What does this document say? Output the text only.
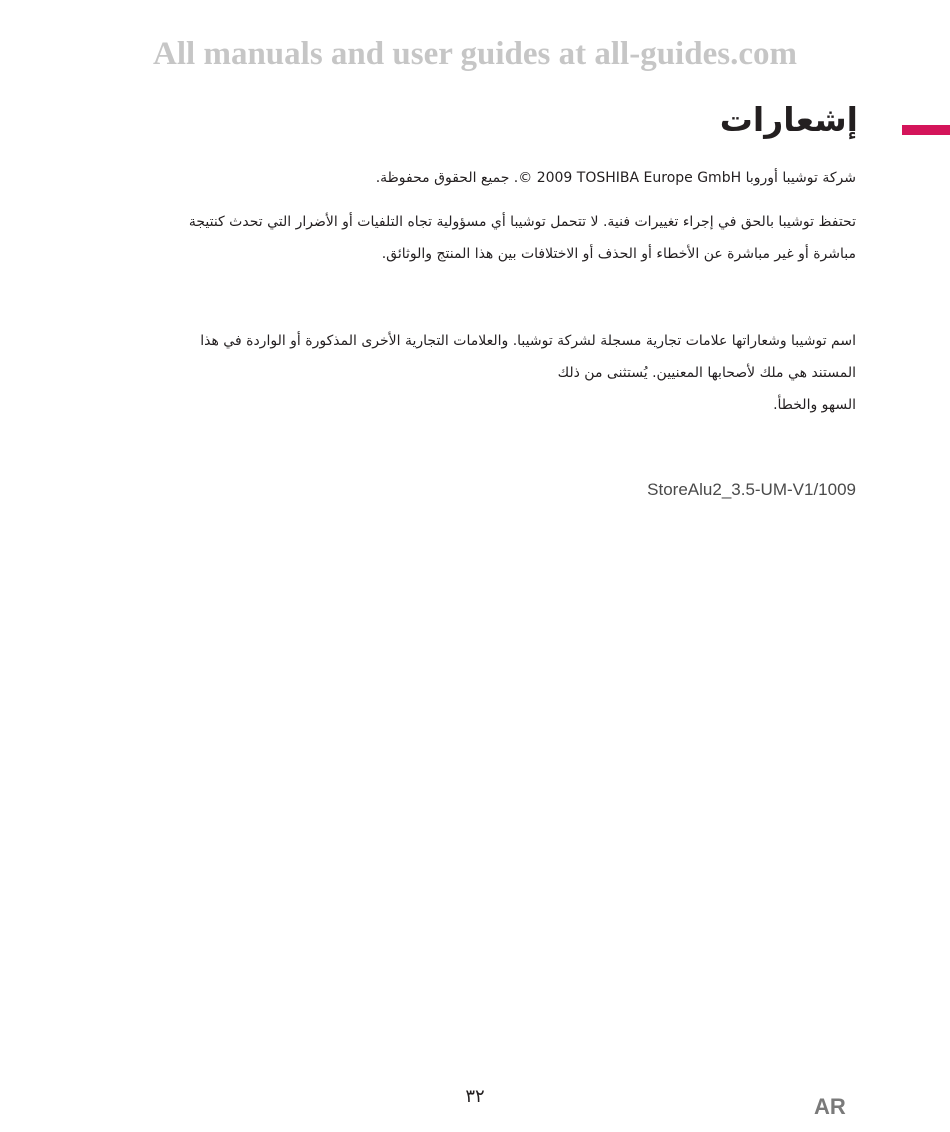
All manuals and user guides at all-guides.com
إشعارات
شركة توشيبا أوروبا © 2009 TOSHIBA Europe GmbH. جميع الحقوق محفوظة.
تحتفظ توشيبا بالحق في إجراء تغييرات فنية. لا تتحمل توشيبا أي مسؤولية تجاه التلفيات أو الأضرار التي تحدث كنتيجة
مباشرة أو غير مباشرة عن الأخطاء أو الحذف أو الاختلافات بين هذا المنتج والوثائق.
اسم توشيبا وشعاراتها علامات تجارية مسجلة لشركة توشيبا. والعلامات التجارية الأخرى المذكورة أو الواردة في هذا
المستند هي ملك لأصحابها المعنيين. يُستثنى من ذلك
السهو والخطأ.
StoreAlu2_3.5-UM-V1/1009
٣٢	AR
